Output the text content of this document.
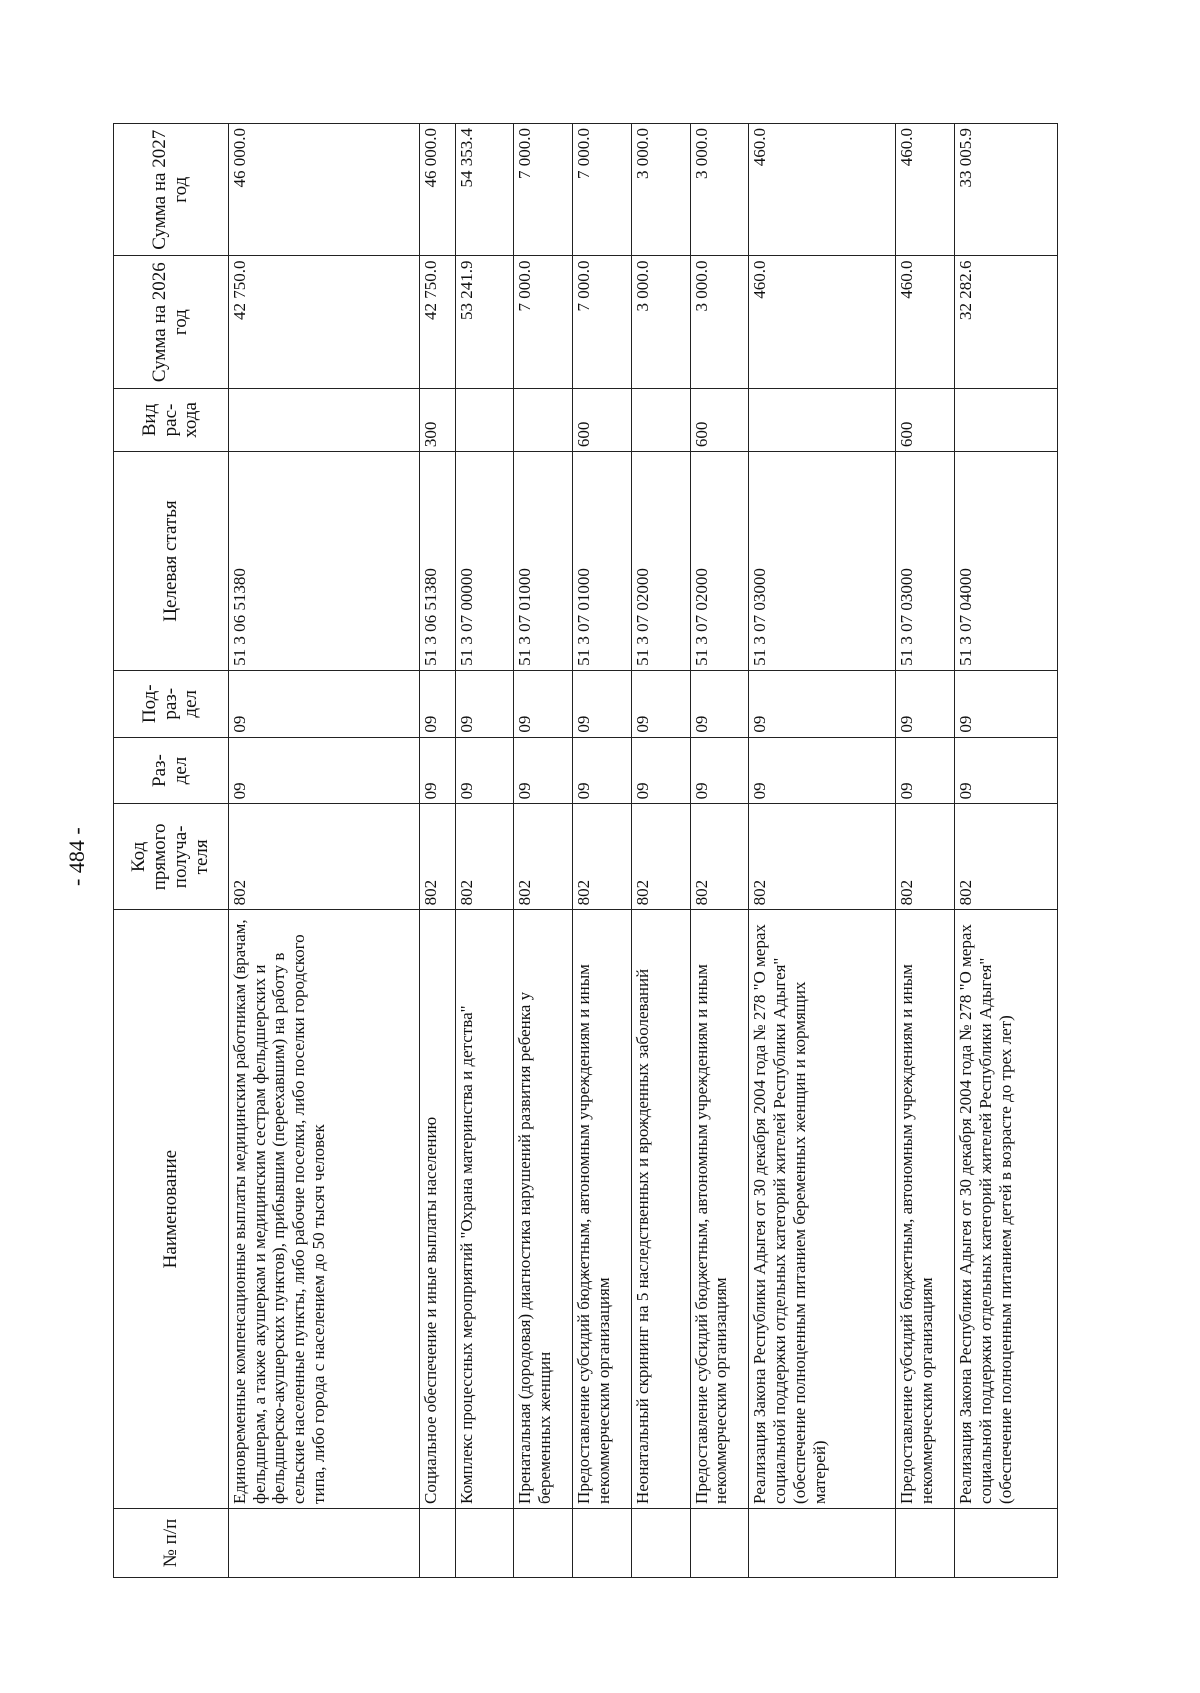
- 484 -
№ п/п	Наименование	Код прямого получа-теля	Раз-дел	Под-раз-дел	Целевая статья	Вид рас-хода	Сумма на 2026 год	Сумма на 2027 год
	Единовременные компенсационные выплаты медицинским работникам (врачам, фельдшерам, а также акушеркам и медицинским сестрам фельдшерских и фельдшерско-акушерских пунктов), прибывшим (переехавшим) на работу в сельские населенные пункты, либо рабочие поселки, либо поселки городского типа, либо города с населением до 50 тысяч человек	802	09	09	51 3 06 51380		42 750.0	46 000.0
	Социальное обеспечение и иные выплаты населению	802	09	09	51 3 06 51380	300	42 750.0	46 000.0
	Комплекс процессных мероприятий "Охрана материнства и детства"	802	09	09	51 3 07 00000		53 241.9	54 353.4
	Пренатальная (дородовая) диагностика нарушений развития ребенка у беременных женщин	802	09	09	51 3 07 01000		7 000.0	7 000.0
	Предоставление субсидий бюджетным, автономным учреждениям и иным некоммерческим организациям	802	09	09	51 3 07 01000	600	7 000.0	7 000.0
	Неонатальный скрининг на 5 наследственных и врожденных заболеваний	802	09	09	51 3 07 02000		3 000.0	3 000.0
	Предоставление субсидий бюджетным, автономным учреждениям и иным некоммерческим организациям	802	09	09	51 3 07 02000	600	3 000.0	3 000.0
	Реализация Закона Республики Адыгея от 30 декабря 2004 года № 278 "О мерах социальной поддержки отдельных категорий жителей Республики Адыгея" (обеспечение полноценным питанием беременных женщин и кормящих матерей)	802	09	09	51 3 07 03000		460.0	460.0
	Предоставление субсидий бюджетным, автономным учреждениям и иным некоммерческим организациям	802	09	09	51 3 07 03000	600	460.0	460.0
	Реализация Закона Республики Адыгея от 30 декабря 2004 года № 278 "О мерах социальной поддержки отдельных категорий жителей Республики Адыгея" (обеспечение полноценным питанием детей в возрасте до трех лет)	802	09	09	51 3 07 04000		32 282.6	33 005.9
